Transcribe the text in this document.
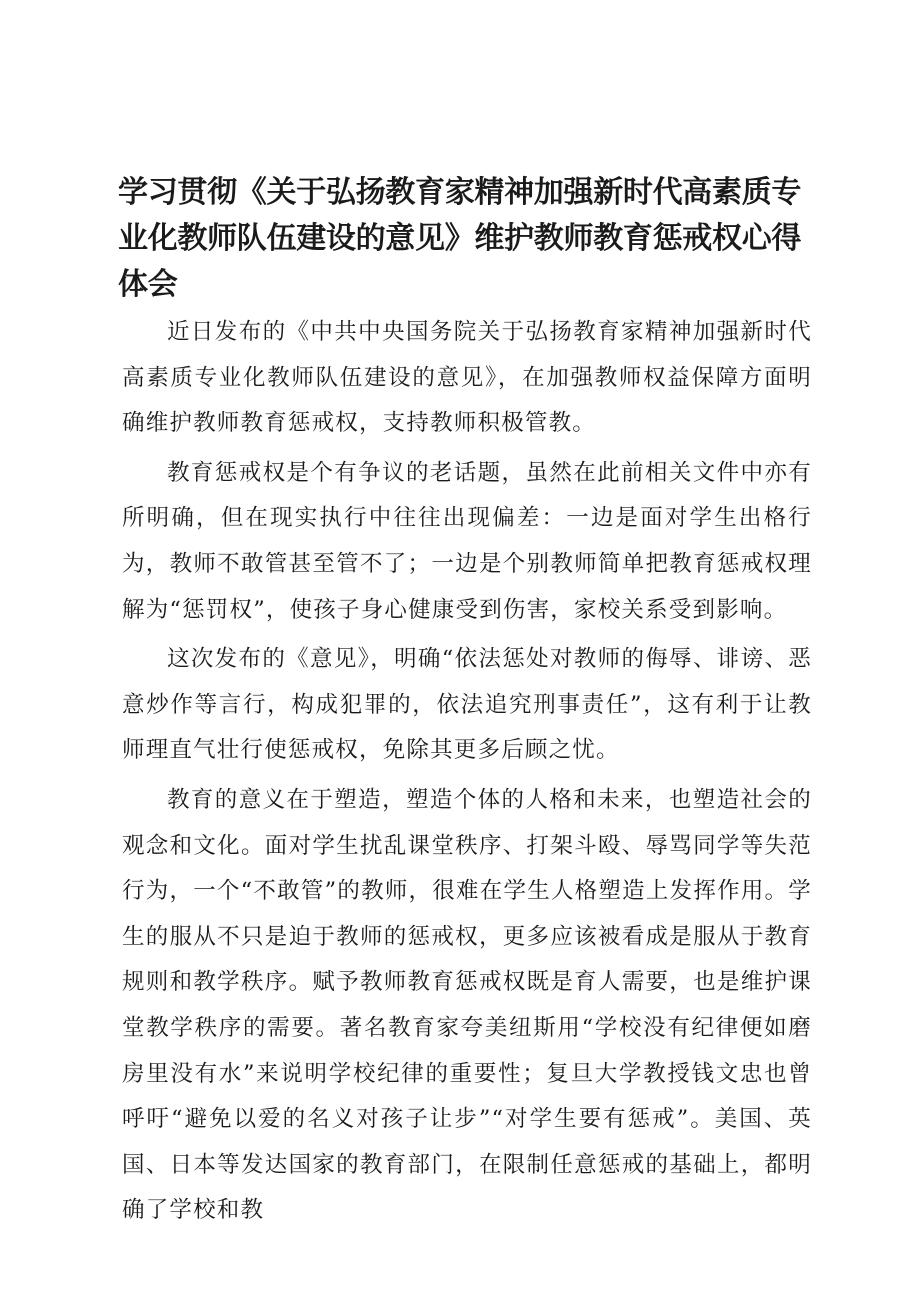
学习贯彻《关于弘扬教育家精神加强新时代高素质专业化教师队伍建设的意见》维护教师教育惩戒权心得体会

近日发布的《中共中央国务院关于弘扬教育家精神加强新时代高素质专业化教师队伍建设的意见》，在加强教师权益保障方面明确维护教师教育惩戒权，支持教师积极管教。

教育惩戒权是个有争议的老话题，虽然在此前相关文件中亦有所明确，但在现实执行中往往出现偏差：一边是面对学生出格行为，教师不敢管甚至管不了；一边是个别教师简单把教育惩戒权理解为“惩罚权”，使孩子身心健康受到伤害，家校关系受到影响。

这次发布的《意见》，明确“依法惩处对教师的侮辱、诽谤、恶意炒作等言行，构成犯罪的，依法追究刑事责任”，这有利于让教师理直气壮行使惩戒权，免除其更多后顾之忧。

教育的意义在于塑造，塑造个体的人格和未来，也塑造社会的观念和文化。面对学生扰乱课堂秩序、打架斗殴、辱骂同学等失范行为，一个“不敢管”的教师，很难在学生人格塑造上发挥作用。学生的服从不只是迫于教师的惩戒权，更多应该被看成是服从于教育规则和教学秩序。赋予教师教育惩戒权既是育人需要，也是维护课堂教学秩序的需要。著名教育家夸美纽斯用“学校没有纪律便如磨房里没有水”来说明学校纪律的重要性；复旦大学教授钱文忠也曾呼吁“避免以爱的名义对孩子让步”“对学生要有惩戒”。美国、英国、日本等发达国家的教育部门，在限制任意惩戒的基础上，都明确了学校和教
